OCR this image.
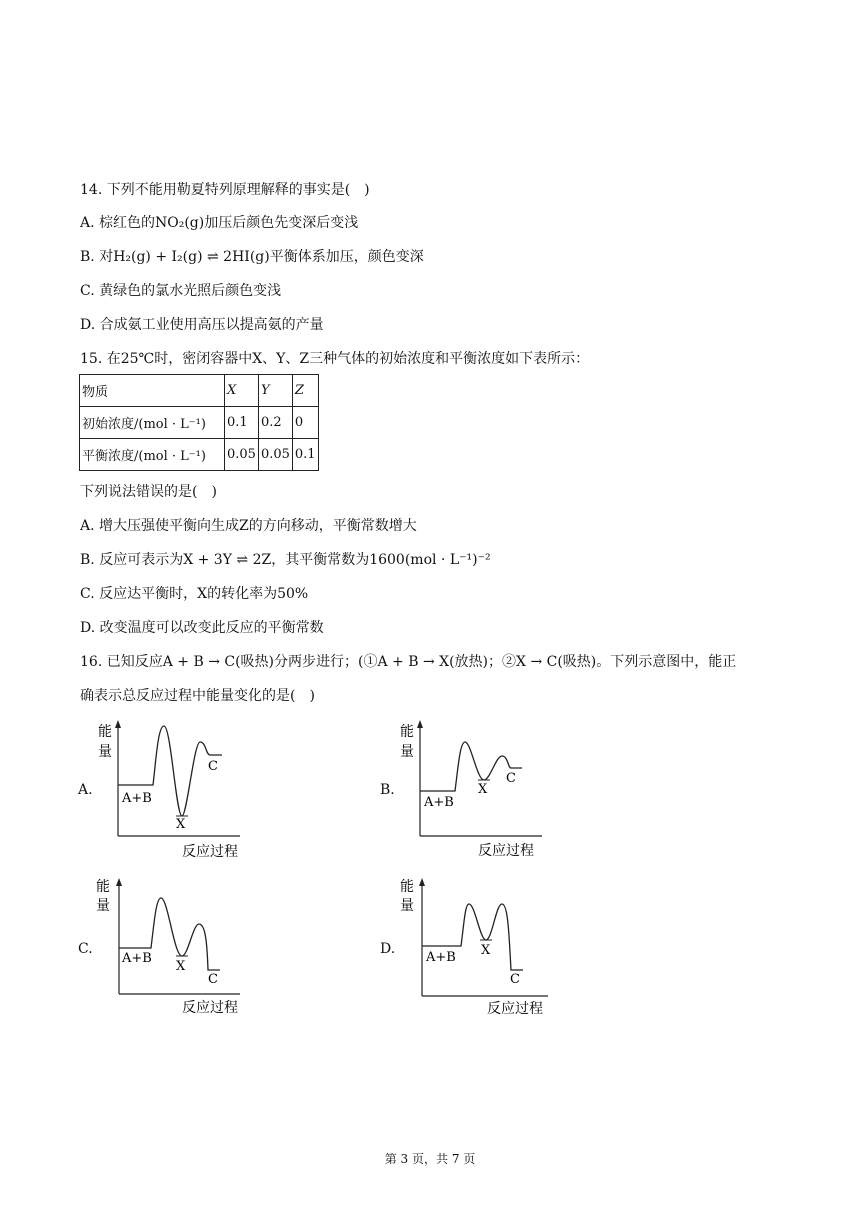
14. 下列不能用勒夏特列原理解释的事实是(　)
A. 棕红色的NO₂(g)加压后颜色先变深后变浅
B. 对H₂(g) + I₂(g) ⇌ 2HI(g)平衡体系加压，颜色变深
C. 黄绿色的氯水光照后颜色变浅
D. 合成氨工业使用高压以提高氨的产量
15. 在25℃时，密闭容器中X、Y、Z三种气体的初始浓度和平衡浓度如下表所示：
物质	X	Y	Z
初始浓度/(mol · L⁻¹)	0.1	0.2	0
平衡浓度/(mol · L⁻¹)	0.05	0.05	0.1
下列说法错误的是(　)
A. 增大压强使平衡向生成Z的方向移动，平衡常数增大
B. 反应可表示为X + 3Y ⇌ 2Z，其平衡常数为1600(mol · L⁻¹)⁻²
C. 反应达平衡时，X的转化率为50%
D. 改变温度可以改变此反应的平衡常数
16. 已知反应A + B → C(吸热)分两步进行；(①A + B → X(放热)；②X → C(吸热)。下列示意图中，能正
确表示总反应过程中能量变化的是(　)
A.
能
量
A+B
X
C
反应过程
B.
能
量
A+B
X
C
反应过程
C.
能
量
A+B
X
C
反应过程
D.
能
量
A+B X
C
反应过程
第 3 页，共 7 页
